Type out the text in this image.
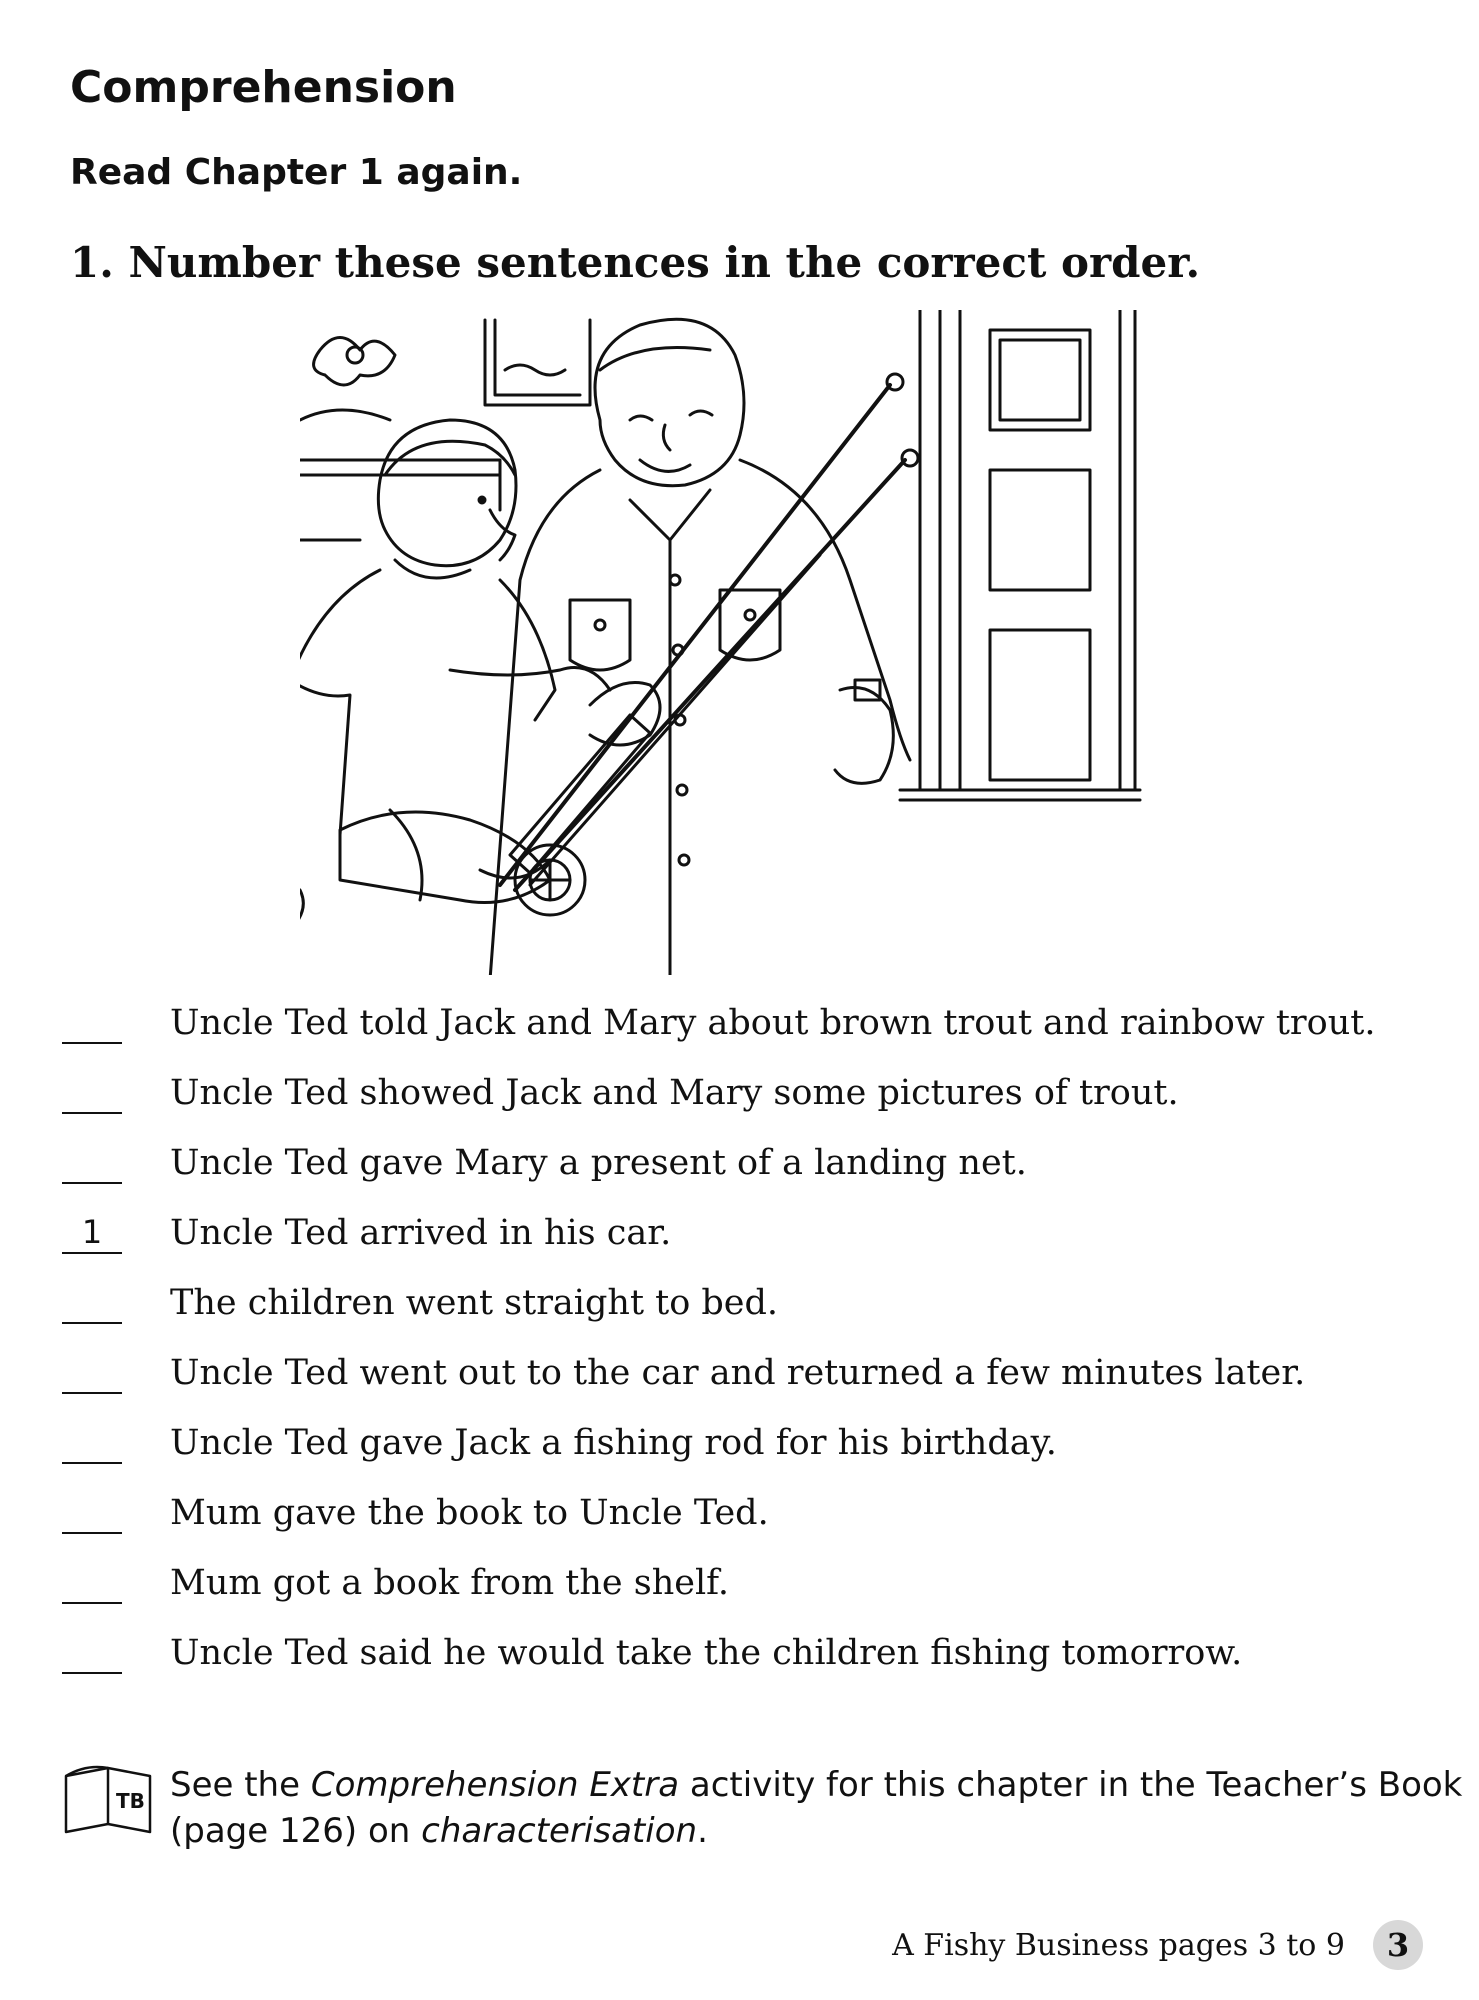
Comprehension
Read Chapter 1 again.
1. Number these sentences in the correct order.
Uncle Ted told Jack and Mary about brown trout and rainbow trout.
Uncle Ted showed Jack and Mary some pictures of trout.
Uncle Ted gave Mary a present of a landing net.
1	Uncle Ted arrived in his car.
The children went straight to bed.
Uncle Ted went out to the car and returned a few minutes later.
Uncle Ted gave Jack a fishing rod for his birthday.
Mum gave the book to Uncle Ted.
Mum got a book from the shelf.
Uncle Ted said he would take the children fishing tomorrow.
TB See the Comprehension Extra activity for this chapter in the Teacher’s Book (page 126) on characterisation.
A Fishy Business pages 3 to 9	3
